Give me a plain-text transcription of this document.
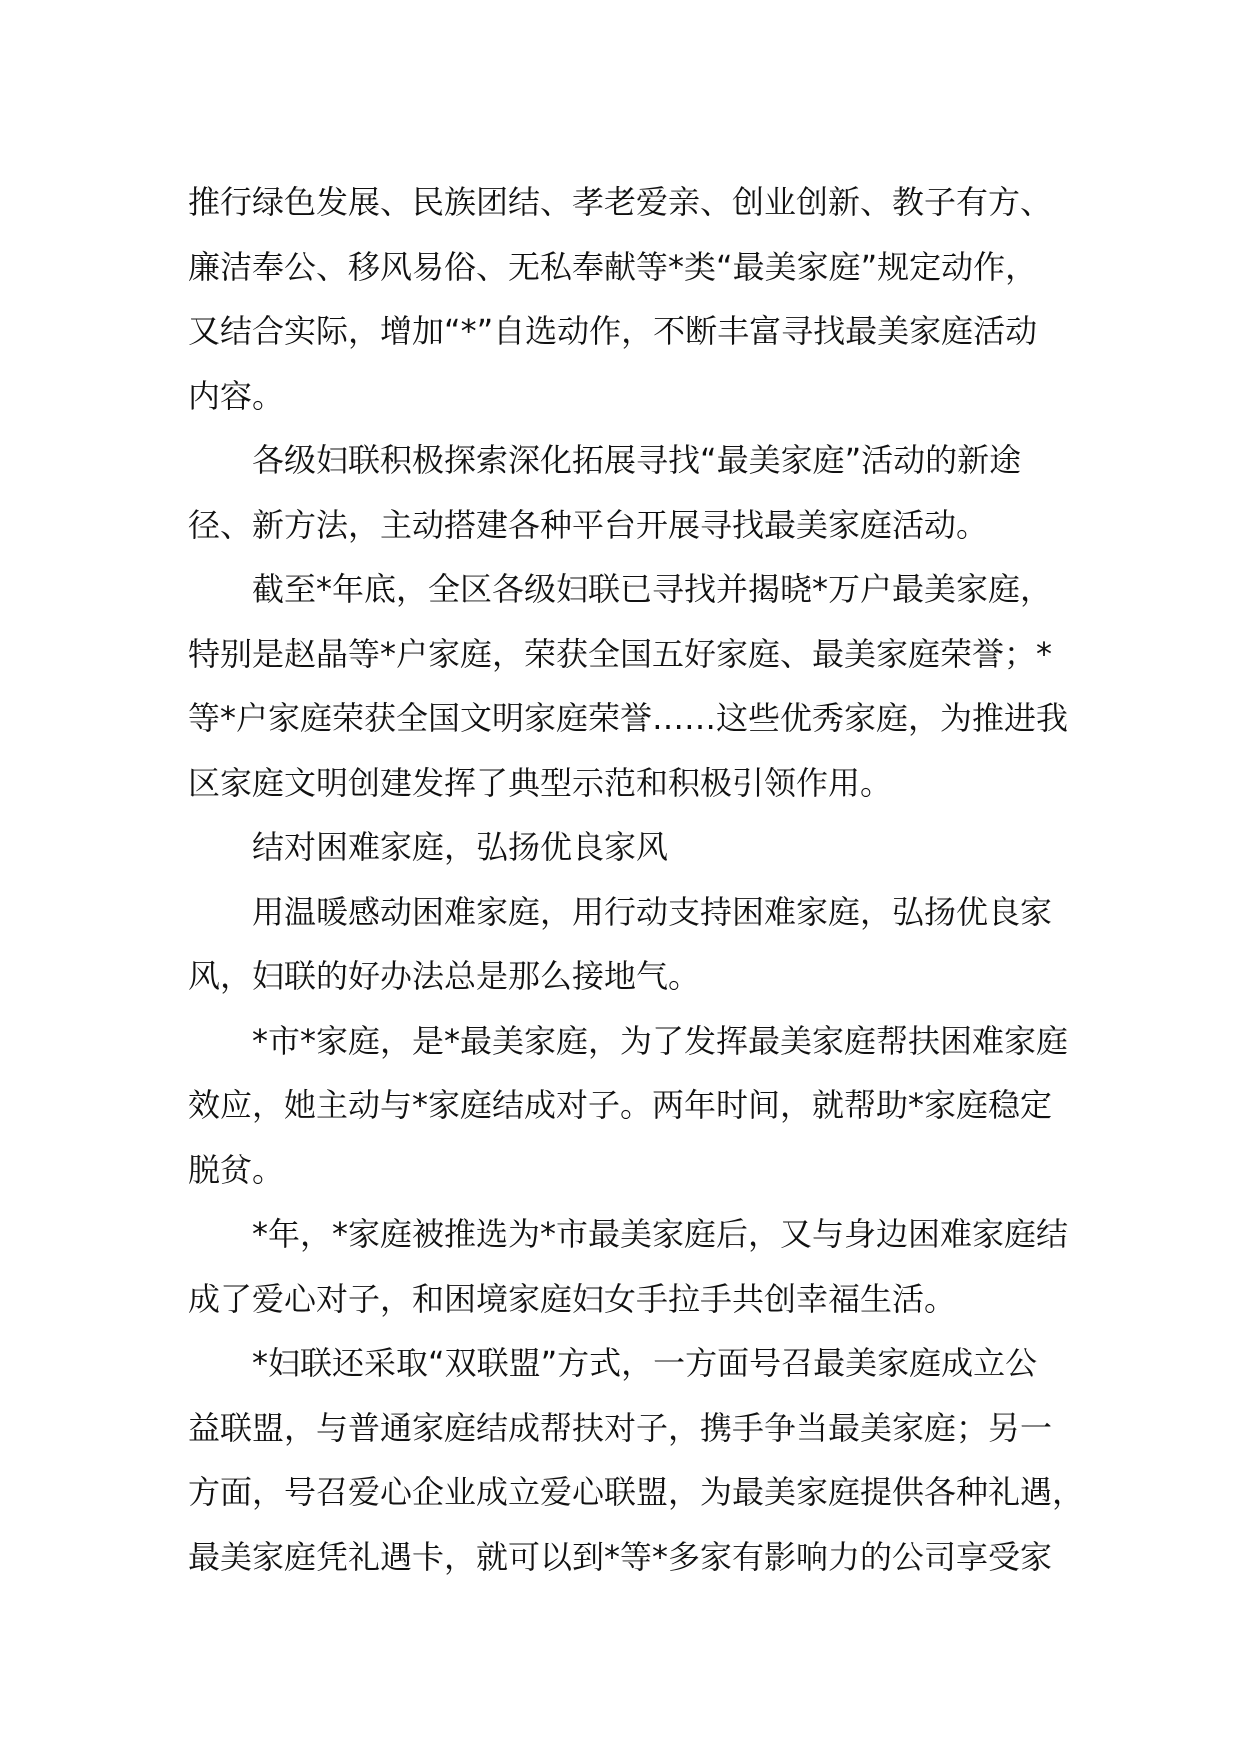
推行绿色发展、民族团结、孝老爱亲、创业创新、教子有方、
廉洁奉公、移风易俗、无私奉献等*类“最美家庭”规定动作，
又结合实际，增加“*”自选动作，不断丰富寻找最美家庭活动
内容。
各级妇联积极探索深化拓展寻找“最美家庭”活动的新途
径、新方法，主动搭建各种平台开展寻找最美家庭活动。
截至*年底，全区各级妇联已寻找并揭晓*万户最美家庭，
特别是赵晶等*户家庭，荣获全国五好家庭、最美家庭荣誉；*
等*户家庭荣获全国文明家庭荣誉……这些优秀家庭，为推进我
区家庭文明创建发挥了典型示范和积极引领作用。
结对困难家庭，弘扬优良家风
用温暖感动困难家庭，用行动支持困难家庭，弘扬优良家
风，妇联的好办法总是那么接地气。
*市*家庭，是*最美家庭，为了发挥最美家庭帮扶困难家庭
效应，她主动与*家庭结成对子。两年时间，就帮助*家庭稳定
脱贫。
*年，*家庭被推选为*市最美家庭后，又与身边困难家庭结
成了爱心对子，和困境家庭妇女手拉手共创幸福生活。
*妇联还采取“双联盟”方式，一方面号召最美家庭成立公
益联盟，与普通家庭结成帮扶对子，携手争当最美家庭；另一
方面，号召爱心企业成立爱心联盟，为最美家庭提供各种礼遇，
最美家庭凭礼遇卡，就可以到*等*多家有影响力的公司享受家
